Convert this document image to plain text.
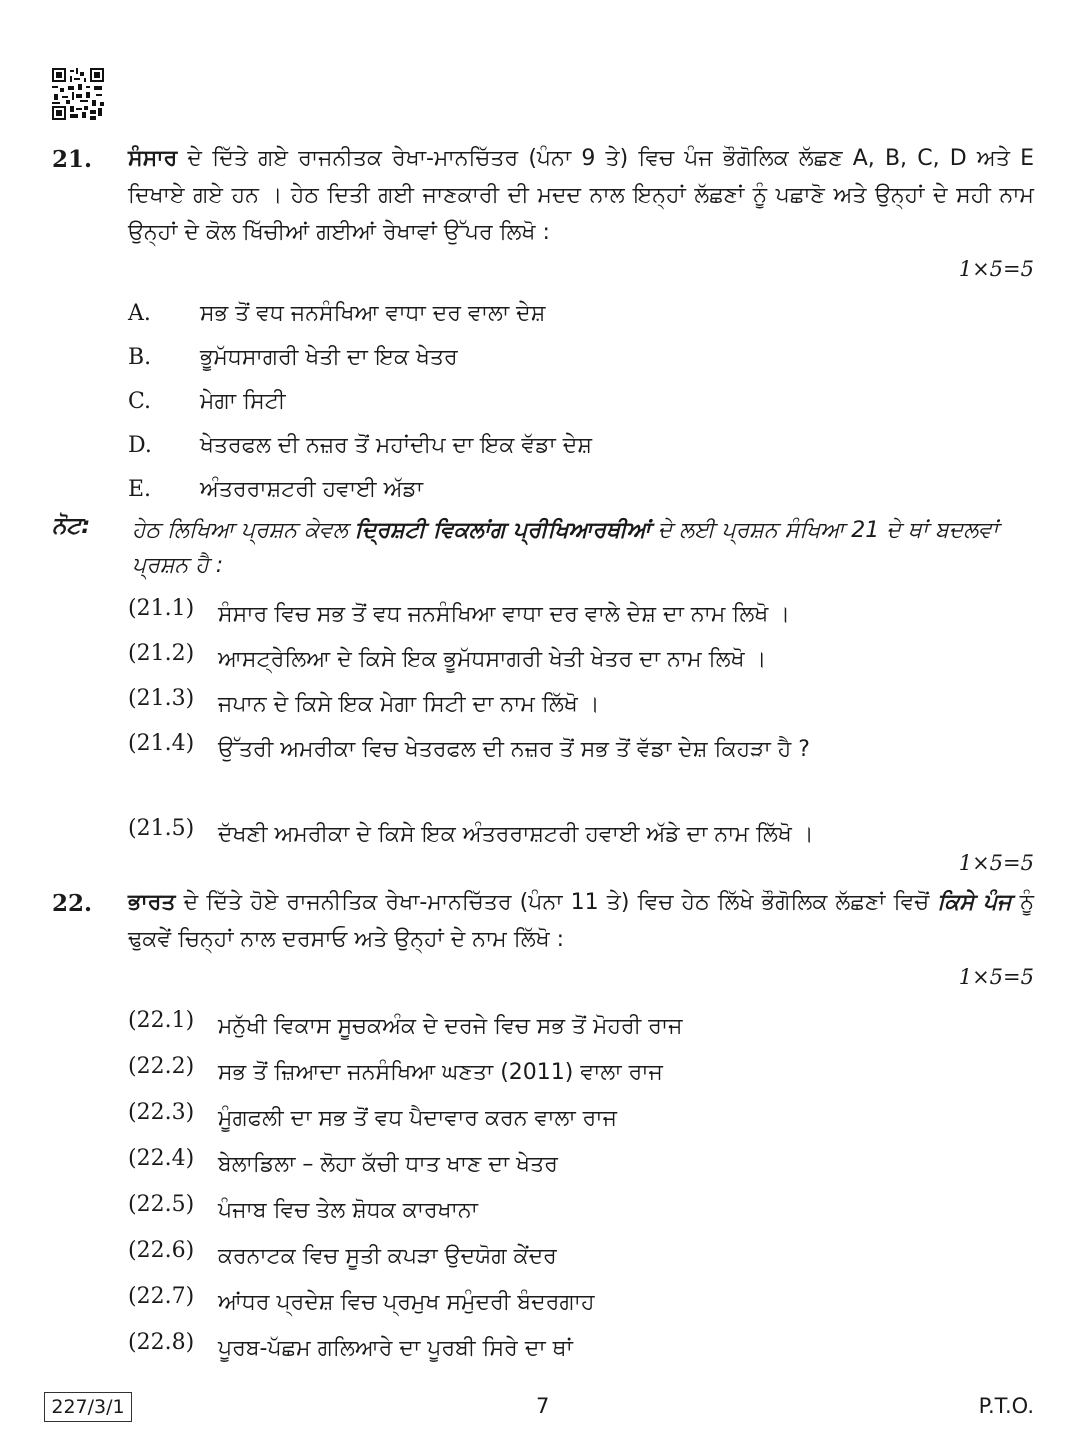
21. ਸੰਸਾਰ ਦੇ ਦਿੱਤੇ ਗਏ ਰਾਜਨੀਤਕ ਰੇਖਾ-ਮਾਨਚਿੱਤਰ (ਪੰਨਾ 9 ਤੇ) ਵਿਚ ਪੰਜ ਭੌਗੋਲਿਕ ਲੱਛਣ A, B, C, D ਅਤੇ E ਦਿਖਾਏ ਗਏ ਹਨ । ਹੇਠ ਦਿਤੀ ਗਈ ਜਾਣਕਾਰੀ ਦੀ ਮਦਦ ਨਾਲ ਇਨ੍ਹਾਂ ਲੱਛਣਾਂ ਨੂੰ ਪਛਾਣੋ ਅਤੇ ਉਨ੍ਹਾਂ ਦੇ ਸਹੀ ਨਾਮ ਉਨ੍ਹਾਂ ਦੇ ਕੋਲ ਖਿੱਚੀਆਂ ਗਈਆਂ ਰੇਖਾਵਾਂ ਉੱਪਰ ਲਿਖੋ :
1×5=5
A. ਸਭ ਤੋਂ ਵਧ ਜਨਸੰਖਿਆ ਵਾਧਾ ਦਰ ਵਾਲਾ ਦੇਸ਼
B. ਭੂਮੱਧਸਾਗਰੀ ਖੇਤੀ ਦਾ ਇਕ ਖੇਤਰ
C. ਮੇਗਾ ਸਿਟੀ
D. ਖੇਤਰਫਲ ਦੀ ਨਜ਼ਰ ਤੋਂ ਮਹਾਂਦੀਪ ਦਾ ਇਕ ਵੱਡਾ ਦੇਸ਼
E. ਅੰਤਰਰਾਸ਼ਟਰੀ ਹਵਾਈ ਅੱਡਾ
ਨੋਟ: ਹੇਠ ਲਿਖਿਆ ਪ੍ਰਸ਼ਨ ਕੇਵਲ ਦ੍ਰਿਸ਼ਟੀ ਵਿਕਲਾਂਗ ਪ੍ਰੀਖਿਆਰਥੀਆਂ ਦੇ ਲਈ ਪ੍ਰਸ਼ਨ ਸੰਖਿਆ 21 ਦੇ ਥਾਂ ਬਦਲਵਾਂ ਪ੍ਰਸ਼ਨ ਹੈ :
(21.1) ਸੰਸਾਰ ਵਿਚ ਸਭ ਤੋਂ ਵਧ ਜਨਸੰਖਿਆ ਵਾਧਾ ਦਰ ਵਾਲੇ ਦੇਸ਼ ਦਾ ਨਾਮ ਲਿਖੋ ।
(21.2) ਆਸਟ੍ਰੇਲਿਆ ਦੇ ਕਿਸੇ ਇਕ ਭੂਮੱਧਸਾਗਰੀ ਖੇਤੀ ਖੇਤਰ ਦਾ ਨਾਮ ਲਿਖੋ ।
(21.3) ਜਪਾਨ ਦੇ ਕਿਸੇ ਇਕ ਮੇਗਾ ਸਿਟੀ ਦਾ ਨਾਮ ਲਿੱਖੋ ।
(21.4) ਉੱਤਰੀ ਅਮਰੀਕਾ ਵਿਚ ਖੇਤਰਫਲ ਦੀ ਨਜ਼ਰ ਤੋਂ ਸਭ ਤੋਂ ਵੱਡਾ ਦੇਸ਼ ਕਿਹੜਾ ਹੈ ?
(21.5) ਦੱਖਣੀ ਅਮਰੀਕਾ ਦੇ ਕਿਸੇ ਇਕ ਅੰਤਰਰਾਸ਼ਟਰੀ ਹਵਾਈ ਅੱਡੇ ਦਾ ਨਾਮ ਲਿੱਖੋ ।
1×5=5
22. ਭਾਰਤ ਦੇ ਦਿੱਤੇ ਹੋਏ ਰਾਜਨੀਤਿਕ ਰੇਖਾ-ਮਾਨਚਿੱਤਰ (ਪੰਨਾ 11 ਤੇ) ਵਿਚ ਹੇਠ ਲਿੱਖੇ ਭੌਗੋਲਿਕ ਲੱਛਣਾਂ ਵਿਚੋਂ ਕਿਸੇ ਪੰਜ ਨੂੰ ਢੁਕਵੇਂ ਚਿਨ੍ਹਾਂ ਨਾਲ ਦਰਸਾਓ ਅਤੇ ਉਨ੍ਹਾਂ ਦੇ ਨਾਮ ਲਿੱਖੋ :
1×5=5
(22.1) ਮਨੁੱਖੀ ਵਿਕਾਸ ਸੂਚਕਅੰਕ ਦੇ ਦਰਜੇ ਵਿਚ ਸਭ ਤੋਂ ਮੋਹਰੀ ਰਾਜ
(22.2) ਸਭ ਤੋਂ ਜ਼ਿਆਦਾ ਜਨਸੰਖਿਆ ਘਣਤਾ (2011) ਵਾਲਾ ਰਾਜ
(22.3) ਮੂੰਗਫਲੀ ਦਾ ਸਭ ਤੋਂ ਵਧ ਪੈਦਾਵਾਰ ਕਰਨ ਵਾਲਾ ਰਾਜ
(22.4) ਬੇਲਾਡਿਲਾ – ਲੋਹਾ ਕੱਚੀ ਧਾਤ ਖਾਣ ਦਾ ਖੇਤਰ
(22.5) ਪੰਜਾਬ ਵਿਚ ਤੇਲ ਸ਼ੋਧਕ ਕਾਰਖਾਨਾ
(22.6) ਕਰਨਾਟਕ ਵਿਚ ਸੂਤੀ ਕਪੜਾ ਉਦਯੋਗ ਕੇਂਦਰ
(22.7) ਆਂਧਰ ਪ੍ਰਦੇਸ਼ ਵਿਚ ਪ੍ਰਮੁਖ ਸਮੁੰਦਰੀ ਬੰਦਰਗਾਹ
(22.8) ਪੂਰਬ-ਪੱਛਮ ਗਲਿਆਰੇ ਦਾ ਪੂਰਬੀ ਸਿਰੇ ਦਾ ਥਾਂ
227/3/1	7	P.T.O.
